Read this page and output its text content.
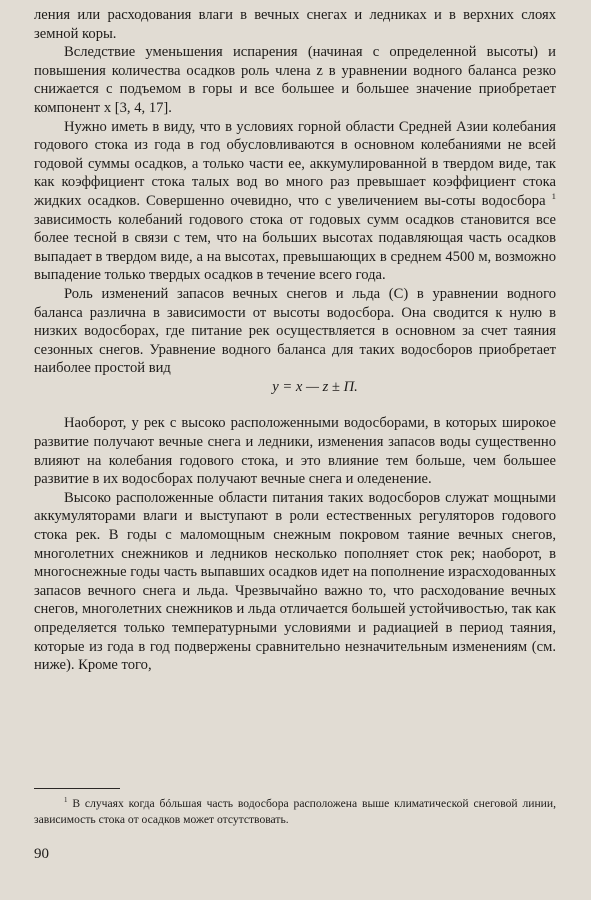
ления или расходования влаги в вечных снегах и ледниках и в верхних слоях земной коры.

Вследствие уменьшения испарения (начиная с определенной высоты) и повышения количества осадков роль члена z в уравнении водного баланса резко снижается с подъемом в горы и все большее и большее значение приобретает компонент x [3, 4, 17].

Нужно иметь в виду, что в условиях горной области Средней Азии колебания годового стока из года в год обусловливаются в основном колебаниями не всей годовой суммы осадков, а только части ее, аккумулированной в твердом виде, так как коэффициент стока талых вод во много раз превышает коэффициент стока жидких осадков. Совершенно очевидно, что с увеличением вы-соты водосбора $^1$ зависимость колебаний годового стока от годовых сумм осадков становится все более тесной в связи с тем, что на больших высотах подавляющая часть осадков выпадает в твердом виде, а на высотах, превышающих в среднем 4500 м, возможно выпадение только твердых осадков в течение всего года.

Роль изменений запасов вечных снегов и льда (С) в уравнении водного баланса различна в зависимости от высоты водосбора. Она сводится к нулю в низких водосборах, где питание рек осуществляется в основном за счет таяния сезонных снегов. Уравнение водного баланса для таких водосборов приобретает наиболее простой вид

y = x — z ± П.

Наоборот, у рек с высоко расположенными водосборами, в которых широкое развитие получают вечные снега и ледники, изменения запасов воды существенно влияют на колебания годового стока, и это влияние тем больше, чем большее развитие в их водосборах получают вечные снега и оледенение.

Высоко расположенные области питания таких водосборов служат мощными аккумуляторами влаги и выступают в роли естественных регуляторов годового стока рек. В годы с маломощным снежным покровом таяние вечных снегов, многолетних снежников и ледников несколько пополняет сток рек; наоборот, в многоснежные годы часть выпавших осадков идет на пополнение израсходованных запасов вечного снега и льда. Чрезвычайно важно то, что расходование вечных снегов, многолетних снежников и льда отличается большей устойчивостью, так как определяется только температурными условиями и радиацией в период таяния, которые из года в год подвержены сравнительно незначительным изменениям (см. ниже). Кроме того,

$^1$ В случаях когда бóльшая часть водосбора расположена выше климатической снеговой линии, зависимость стока от осадков может отсутствовать.

90
